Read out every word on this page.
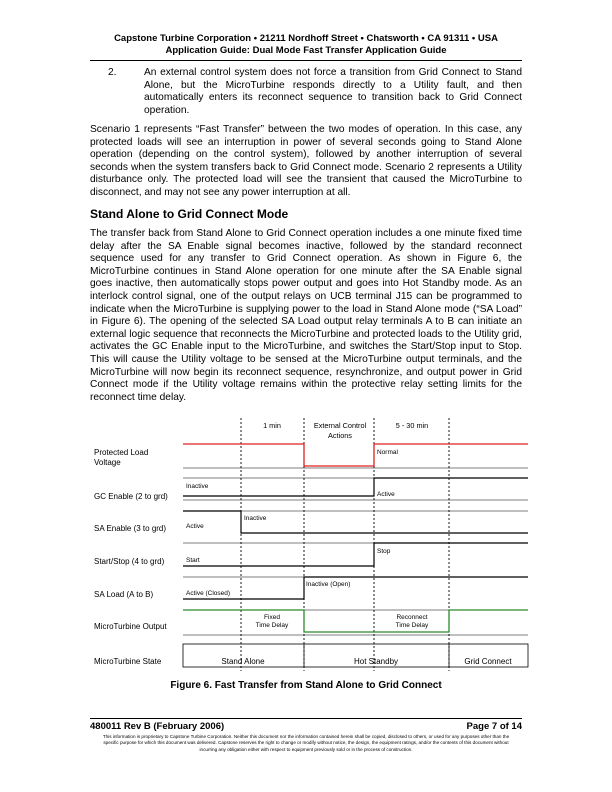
Capstone Turbine Corporation • 21211 Nordhoff Street • Chatsworth • CA 91311 • USA
Application Guide: Dual Mode Fast Transfer Application Guide
2.	An external control system does not force a transition from Grid Connect to Stand Alone, but the MicroTurbine responds directly to a Utility fault, and then automatically enters its reconnect sequence to transition back to Grid Connect operation.
Scenario 1 represents “Fast Transfer” between the two modes of operation. In this case, any protected loads will see an interruption in power of several seconds going to Stand Alone operation (depending on the control system), followed by another interruption of several seconds when the system transfers back to Grid Connect mode. Scenario 2 represents a Utility disturbance only. The protected load will see the transient that caused the MicroTurbine to disconnect, and may not see any power interruption at all.
Stand Alone to Grid Connect Mode
The transfer back from Stand Alone to Grid Connect operation includes a one minute fixed time delay after the SA Enable signal becomes inactive, followed by the standard reconnect sequence used for any transfer to Grid Connect operation. As shown in Figure 6, the MicroTurbine continues in Stand Alone operation for one minute after the SA Enable signal goes inactive, then automatically stops power output and goes into Hot Standby mode. As an interlock control signal, one of the output relays on UCB terminal J15 can be programmed to indicate when the MicroTurbine is supplying power to the load in Stand Alone mode (“SA Load” in Figure 6). The opening of the selected SA Load output relay terminals A to B can initiate an external logic sequence that reconnects the MicroTurbine and protected loads to the Utility grid, activates the GC Enable input to the MicroTurbine, and switches the Start/Stop input to Stop. This will cause the Utility voltage to be sensed at the MicroTurbine output terminals, and the MicroTurbine will now begin its reconnect sequence, resynchronize, and output power in Grid Connect mode if the Utility voltage remains within the protective relay setting limits for the reconnect time delay.
1 min	External Control
Actions
5 - 30 min
Protected Load
Voltage
GC Enable (2 to grd)
SA Enable (3 to grd)
Start/Stop (4 to grd)
SA Load (A to B)
MicroTurbine Output
MicroTurbine State
Normal
Inactive
Active
Active
Inactive
Start
Stop
Active (Closed)
Inactive (Open)
Fixed
Time Delay
Reconnect
Time Delay
Stand Alone	Hot Standby	Grid Connect
Figure 6. Fast Transfer from Stand Alone to Grid Connect
480011 Rev B (February 2006)	Page 7 of 14
This information is proprietary to Capstone Turbine Corporation. Neither this document nor the information contained herein shall be copied, disclosed to others, or used for any purposes other than the specific purpose for which this document was delivered. Capstone reserves the right to change or modify without notice, the design, the equipment ratings, and/or the contents of this document without incurring any obligation either with respect to equipment previously sold or in the process of construction.
